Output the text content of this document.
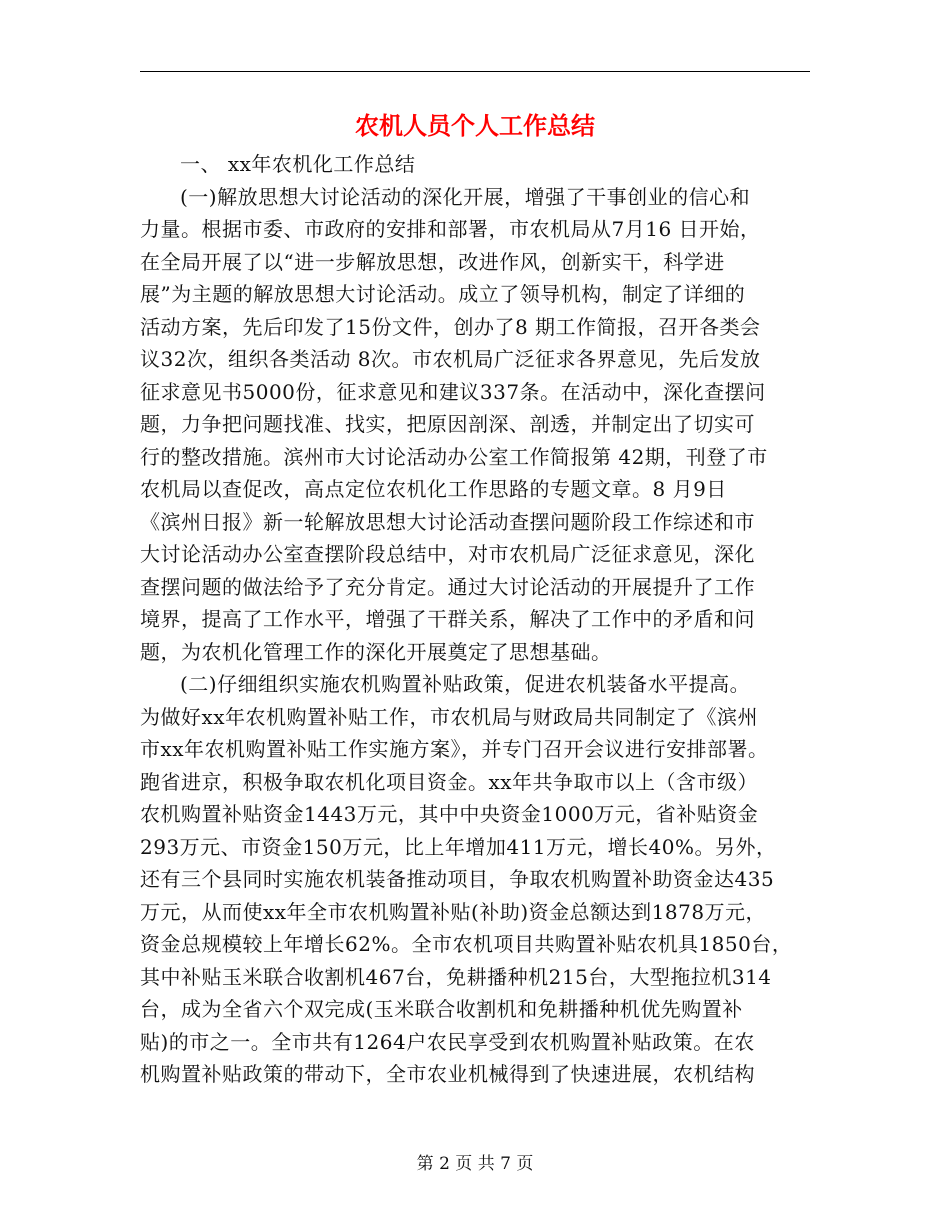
农机人员个人工作总结
一、 xx年农机化工作总结
(一)解放思想大讨论活动的深化开展，增强了干事创业的信心和
力量。根据市委、市政府的安排和部署，市农机局从7月16 日开始，
在全局开展了以“进一步解放思想，改进作风，创新实干，科学进
展”为主题的解放思想大讨论活动。成立了领导机构，制定了详细的
活动方案，先后印发了15份文件，创办了8 期工作简报，召开各类会
议32次，组织各类活动 8次。市农机局广泛征求各界意见，先后发放
征求意见书5000份，征求意见和建议337条。在活动中，深化查摆问
题，力争把问题找准、找实，把原因剖深、剖透，并制定出了切实可
行的整改措施。滨州市大讨论活动办公室工作简报第 42期，刊登了市
农机局以查促改，高点定位农机化工作思路的专题文章。8 月9日
《滨州日报》新一轮解放思想大讨论活动查摆问题阶段工作综述和市
大讨论活动办公室查摆阶段总结中，对市农机局广泛征求意见，深化
查摆问题的做法给予了充分肯定。通过大讨论活动的开展提升了工作
境界，提高了工作水平，增强了干群关系，解决了工作中的矛盾和问
题，为农机化管理工作的深化开展奠定了思想基础。
(二)仔细组织实施农机购置补贴政策，促进农机装备水平提高。
为做好xx年农机购置补贴工作，市农机局与财政局共同制定了《滨州
市xx年农机购置补贴工作实施方案》，并专门召开会议进行安排部署。
跑省进京，积极争取农机化项目资金。xx年共争取市以上（含市级）
农机购置补贴资金1443万元，其中中央资金1000万元，省补贴资金
293万元、市资金150万元，比上年增加411万元，增长40%。另外，
还有三个县同时实施农机装备推动项目，争取农机购置补助资金达435
万元，从而使xx年全市农机购置补贴(补助)资金总额达到1878万元，
资金总规模较上年增长62%。全市农机项目共购置补贴农机具1850台，
其中补贴玉米联合收割机467台，免耕播种机215台，大型拖拉机314
台，成为全省六个双完成(玉米联合收割机和免耕播种机优先购置补
贴)的市之一。全市共有1264户农民享受到农机购置补贴政策。在农
机购置补贴政策的带动下，全市农业机械得到了快速进展，农机结构
第 2 页 共 7 页
